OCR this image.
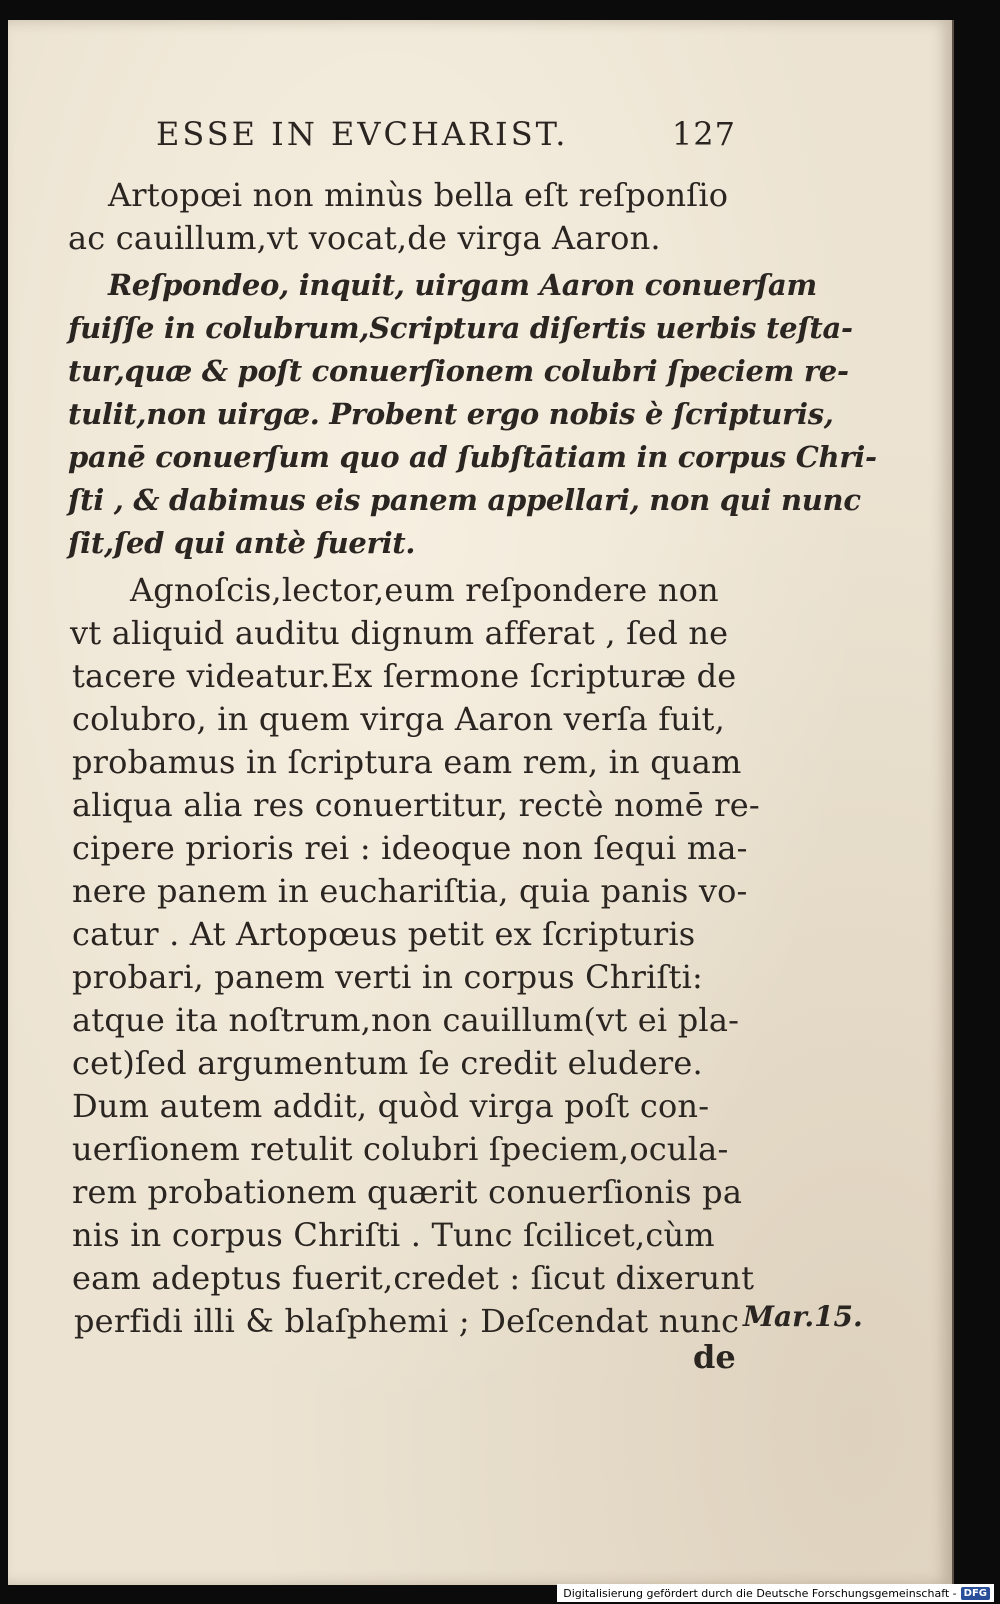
ESSE IN EVCHARIST.	127
Artopœi non minùs bella eſt reſponſio
ac cauillum,vt vocat,de virga Aaron.
Reſpondeo, inquit, uirgam Aaron conuerſam
fuiſſe in colubrum,Scriptura diſertis uerbis teſta-
tur,quæ & poſt conuerſionem colubri ſpeciem re-
tulit,non uirgæ. Probent ergo nobis è ſcripturis,
panē conuerſum quo ad ſubſtātiam in corpus Chri-
ſti , & dabimus eis panem appellari, non qui nunc
ſit,ſed qui antè fuerit.
Agnoſcis,lector,eum reſpondere non
vt aliquid auditu dignum afferat , ſed ne
tacere videatur.Ex ſermone ſcripturæ de
colubro, in quem virga Aaron verſa fuit,
probamus in ſcriptura eam rem, in quam
aliqua alia res conuertitur, rectè nomē re-
cipere prioris rei : ideoque non ſequi ma-
nere panem in euchariſtia, quia panis vo-
catur . At Artopœus petit ex ſcripturis
probari, panem verti in corpus Chriſti:
atque ita noſtrum,non cauillum(vt ei pla-
cet)ſed argumentum ſe credit eludere.
Dum autem addit, quòd virga poſt con-
uerſionem retulit colubri ſpeciem,ocula-
rem probationem quærit conuerſionis pa
nis in corpus Chriſti . Tunc ſcilicet,cùm
eam adeptus fuerit,credet : ſicut dixerunt
perfidi illi & blaſphemi ; Deſcendat nunc Mar.15.
de
Digitalisierung gefördert durch die Deutsche Forschungsgemeinschaft - DFG
